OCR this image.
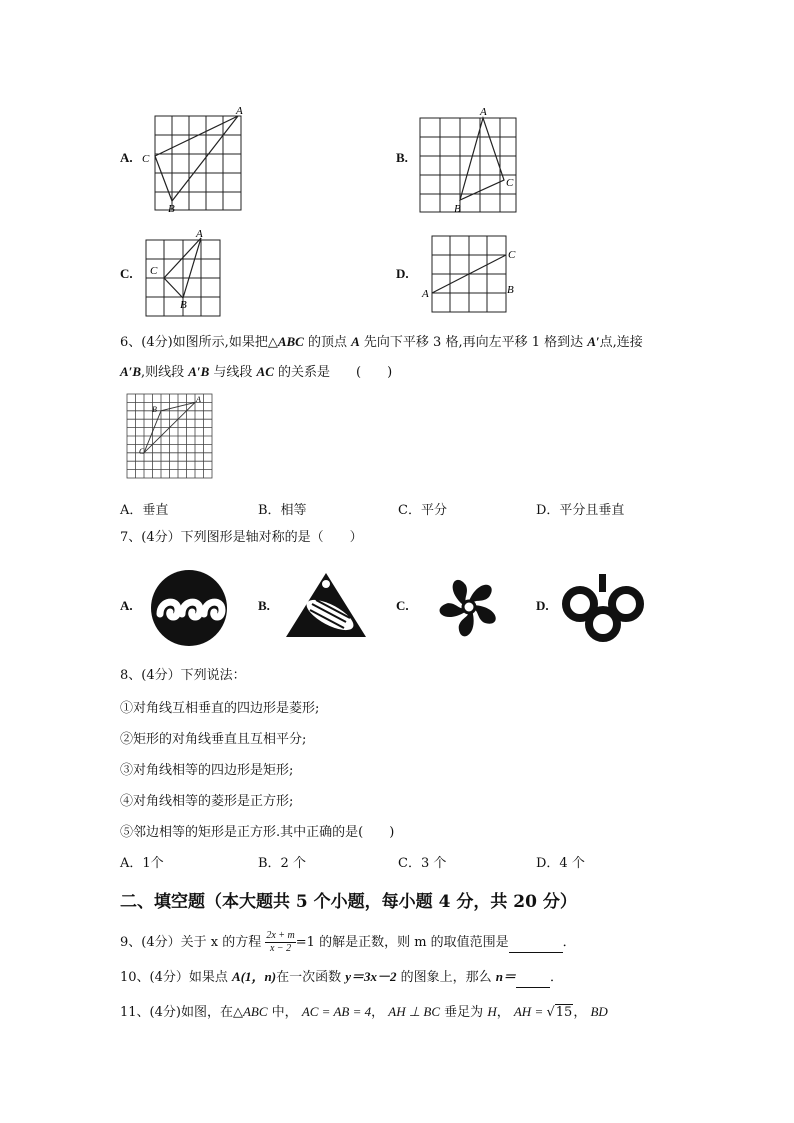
A.
A
C
B
B.
A
C
B
C.
A
C
B
D.
C
A	B
6、(4分)如图所示,如果把△ABC 的顶点 A 先向下平移 3 格,再向左平移 1 格到达 A′点,连接
A′B,则线段 A′B 与线段 AC 的关系是　　(　　)
B
A
C
A．垂直	B．相等	C．平分	D．平分且垂直
7、(4分）下列图形是轴对称的是（　　）
A.	B.	C.	D.
8、(4分）下列说法：
①对角线互相垂直的四边形是菱形;
②矩形的对角线垂直且互相平分;
③对角线相等的四边形是矩形;
④对角线相等的菱形是正方形;
⑤邻边相等的矩形是正方形.其中正确的是(　　)
A．1个	B．2 个	C．3 个	D．4 个
二、填空题（本大题共 5 个小题，每小题 4 分，共 20 分）
9、(4分）关于 x 的方程 $\frac{2x + m}{x - 2} =1$ 的解是正数，则 m 的取值范围是	．
10、(4分）如果点 A(1，n)在一次函数 y＝3x－2 的图象上，那么 n＝	．
11、(4分)如图，在△ABC 中， AC = AB = 4， AH ⊥ BC 垂足为 H， AH = √15， BD
